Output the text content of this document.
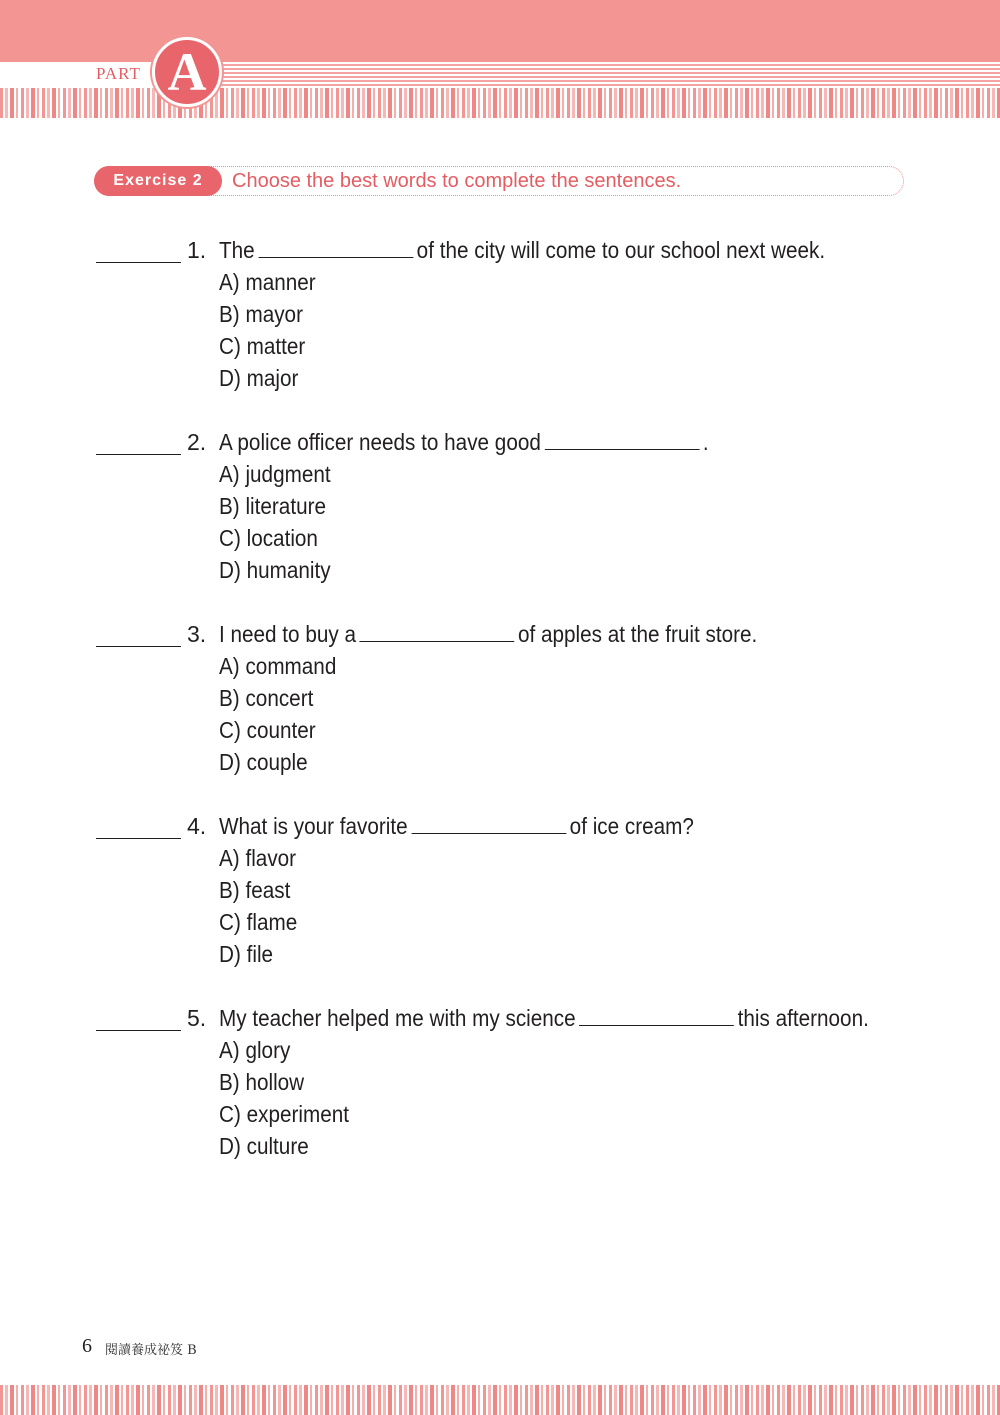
PART A
Exercise 2	Choose the best words to complete the sentences.
1. The	of the city will come to our school next week.
A) manner
B) mayor
C) matter
D) major
2. A police officer needs to have good	.
A) judgment
B) literature
C) location
D) humanity
3. I need to buy a	of apples at the fruit store.
A) command
B) concert
C) counter
D) couple
4. What is your favorite	of ice cream?
A) flavor
B) feast
C) flame
D) file
5. My teacher helped me with my science	this afternoon.
A) glory
B) hollow
C) experiment
D) culture
6 閱讀養成祕笈 B
